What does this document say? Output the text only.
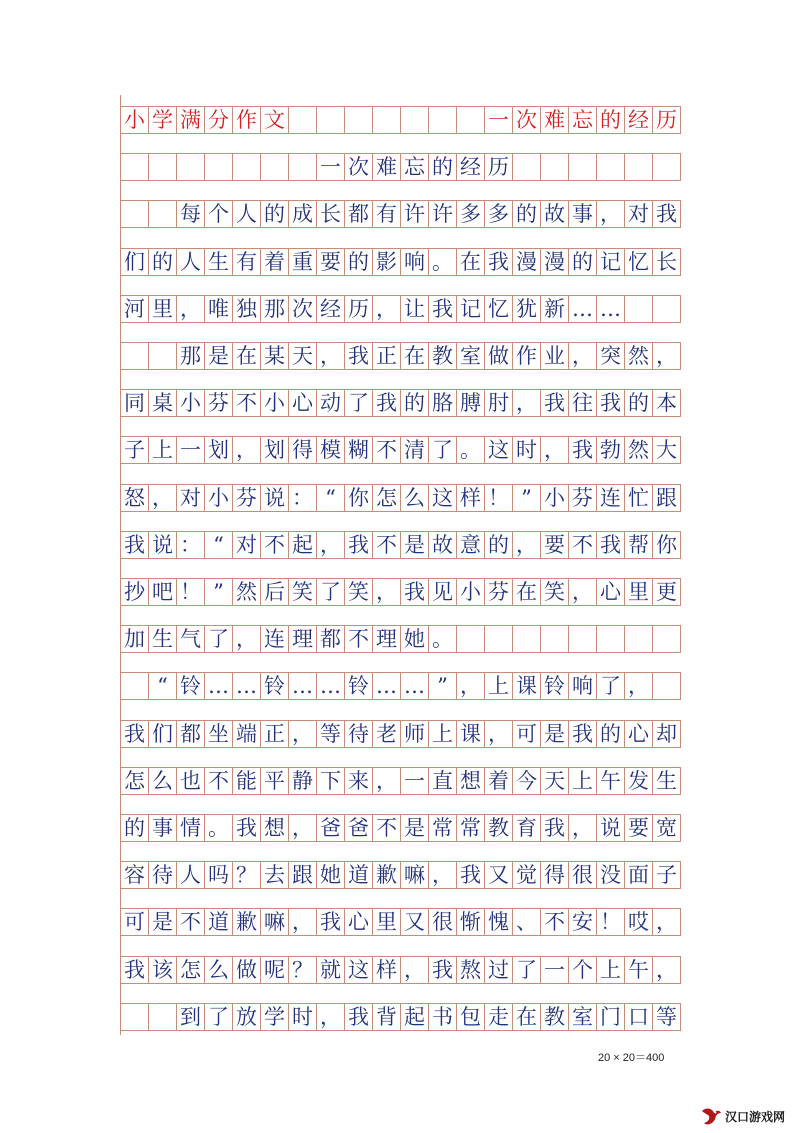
小 学 满 分 作 文	一 次 难 忘 的 经 历
一 次 难 忘 的 经 历
每 个 人 的 成 长 都 有 许 许 多 多 的 故 事 ， 对 我
们 的 人 生 有 着 重 要 的 影 响 。 在 我 漫 漫 的 记 忆 长
河 里 ， 唯 独 那 次 经 历 ， 让 我 记 忆 犹 新 … …
那 是 在 某 天 ， 我 正 在 教 室 做 作 业 ， 突 然 ，
同 桌 小 芬 不 小 心 动 了 我 的 胳 膊 肘 ， 我 往 我 的 本
子 上 一 划 ， 划 得 模 糊 不 清 了 。 这 时 ， 我 勃 然 大
怒 ， 对 小 芬 说 ： “ 你 怎 么 这 样 ！ ” 小 芬 连 忙 跟
我 说 ： “ 对 不 起 ， 我 不 是 故 意 的 ， 要 不 我 帮 你
抄 吧 ！ ” 然 后 笑 了 笑 ， 我 见 小 芬 在 笑 ， 心 里 更
加 生 气 了 ， 连 理 都 不 理 她 。
“ 铃 … … 铃 … … 铃 … … ” ， 上 课 铃 响 了 ，
我 们 都 坐 端 正 ， 等 待 老 师 上 课 ， 可 是 我 的 心 却
怎 么 也 不 能 平 静 下 来 ， 一 直 想 着 今 天 上 午 发 生
的 事 情 。 我 想 ， 爸 爸 不 是 常 常 教 育 我 ， 说 要 宽
容 待 人 吗 ？ 去 跟 她 道 歉 嘛 ， 我 又 觉 得 很 没 面 子
可 是 不 道 歉 嘛 ， 我 心 里 又 很 惭 愧 、 不 安 ！ 哎 ，
我 该 怎 么 做 呢 ？ 就 这 样 ， 我 熬 过 了 一 个 上 午 ，
到 了 放 学 时 ， 我 背 起 书 包 走 在 教 室 门 口 等
20 × 20＝400
汉口游戏网
